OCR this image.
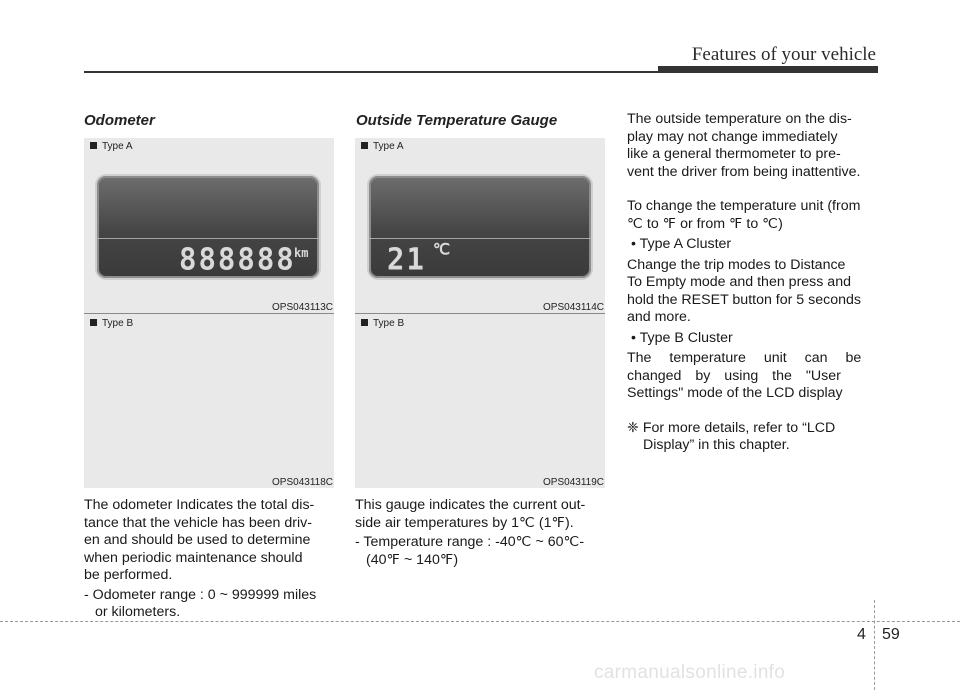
Features of your vehicle
Odometer
Type A
888888
km
OPS043113C
Type B
OPS043118C

The odometer Indicates the total dis-

tance that the vehicle has been driv-

en and should be used to determine

when periodic maintenance should

be performed.

- Odometer range : 0 ~ 999999 miles

or kilometers.

Outside Temperature Gauge
Type A
21 ℃
OPS043114C
Type B
OPS043119C

This gauge indicates the current out-

side air temperatures by 1℃ (1℉).

- Temperature range : -40℃ ~ 60℃-

(40℉ ~ 140℉)

The outside temperature on the dis-

play may not change immediately

like a general thermometer to pre-

vent the driver from being inattentive.

To change the temperature unit (from

℃ to ℉ or from ℉ to ℃)

• Type A Cluster

Change the trip modes to Distance

To Empty mode and then press and

hold the RESET button for 5 seconds

and more.

• Type B Cluster

The temperature unit can be

changed by using the "User

Settings" mode of the LCD display

❈ For more details, refer to “LCD

Display” in this chapter.

4 59
carmanualsonline.info
